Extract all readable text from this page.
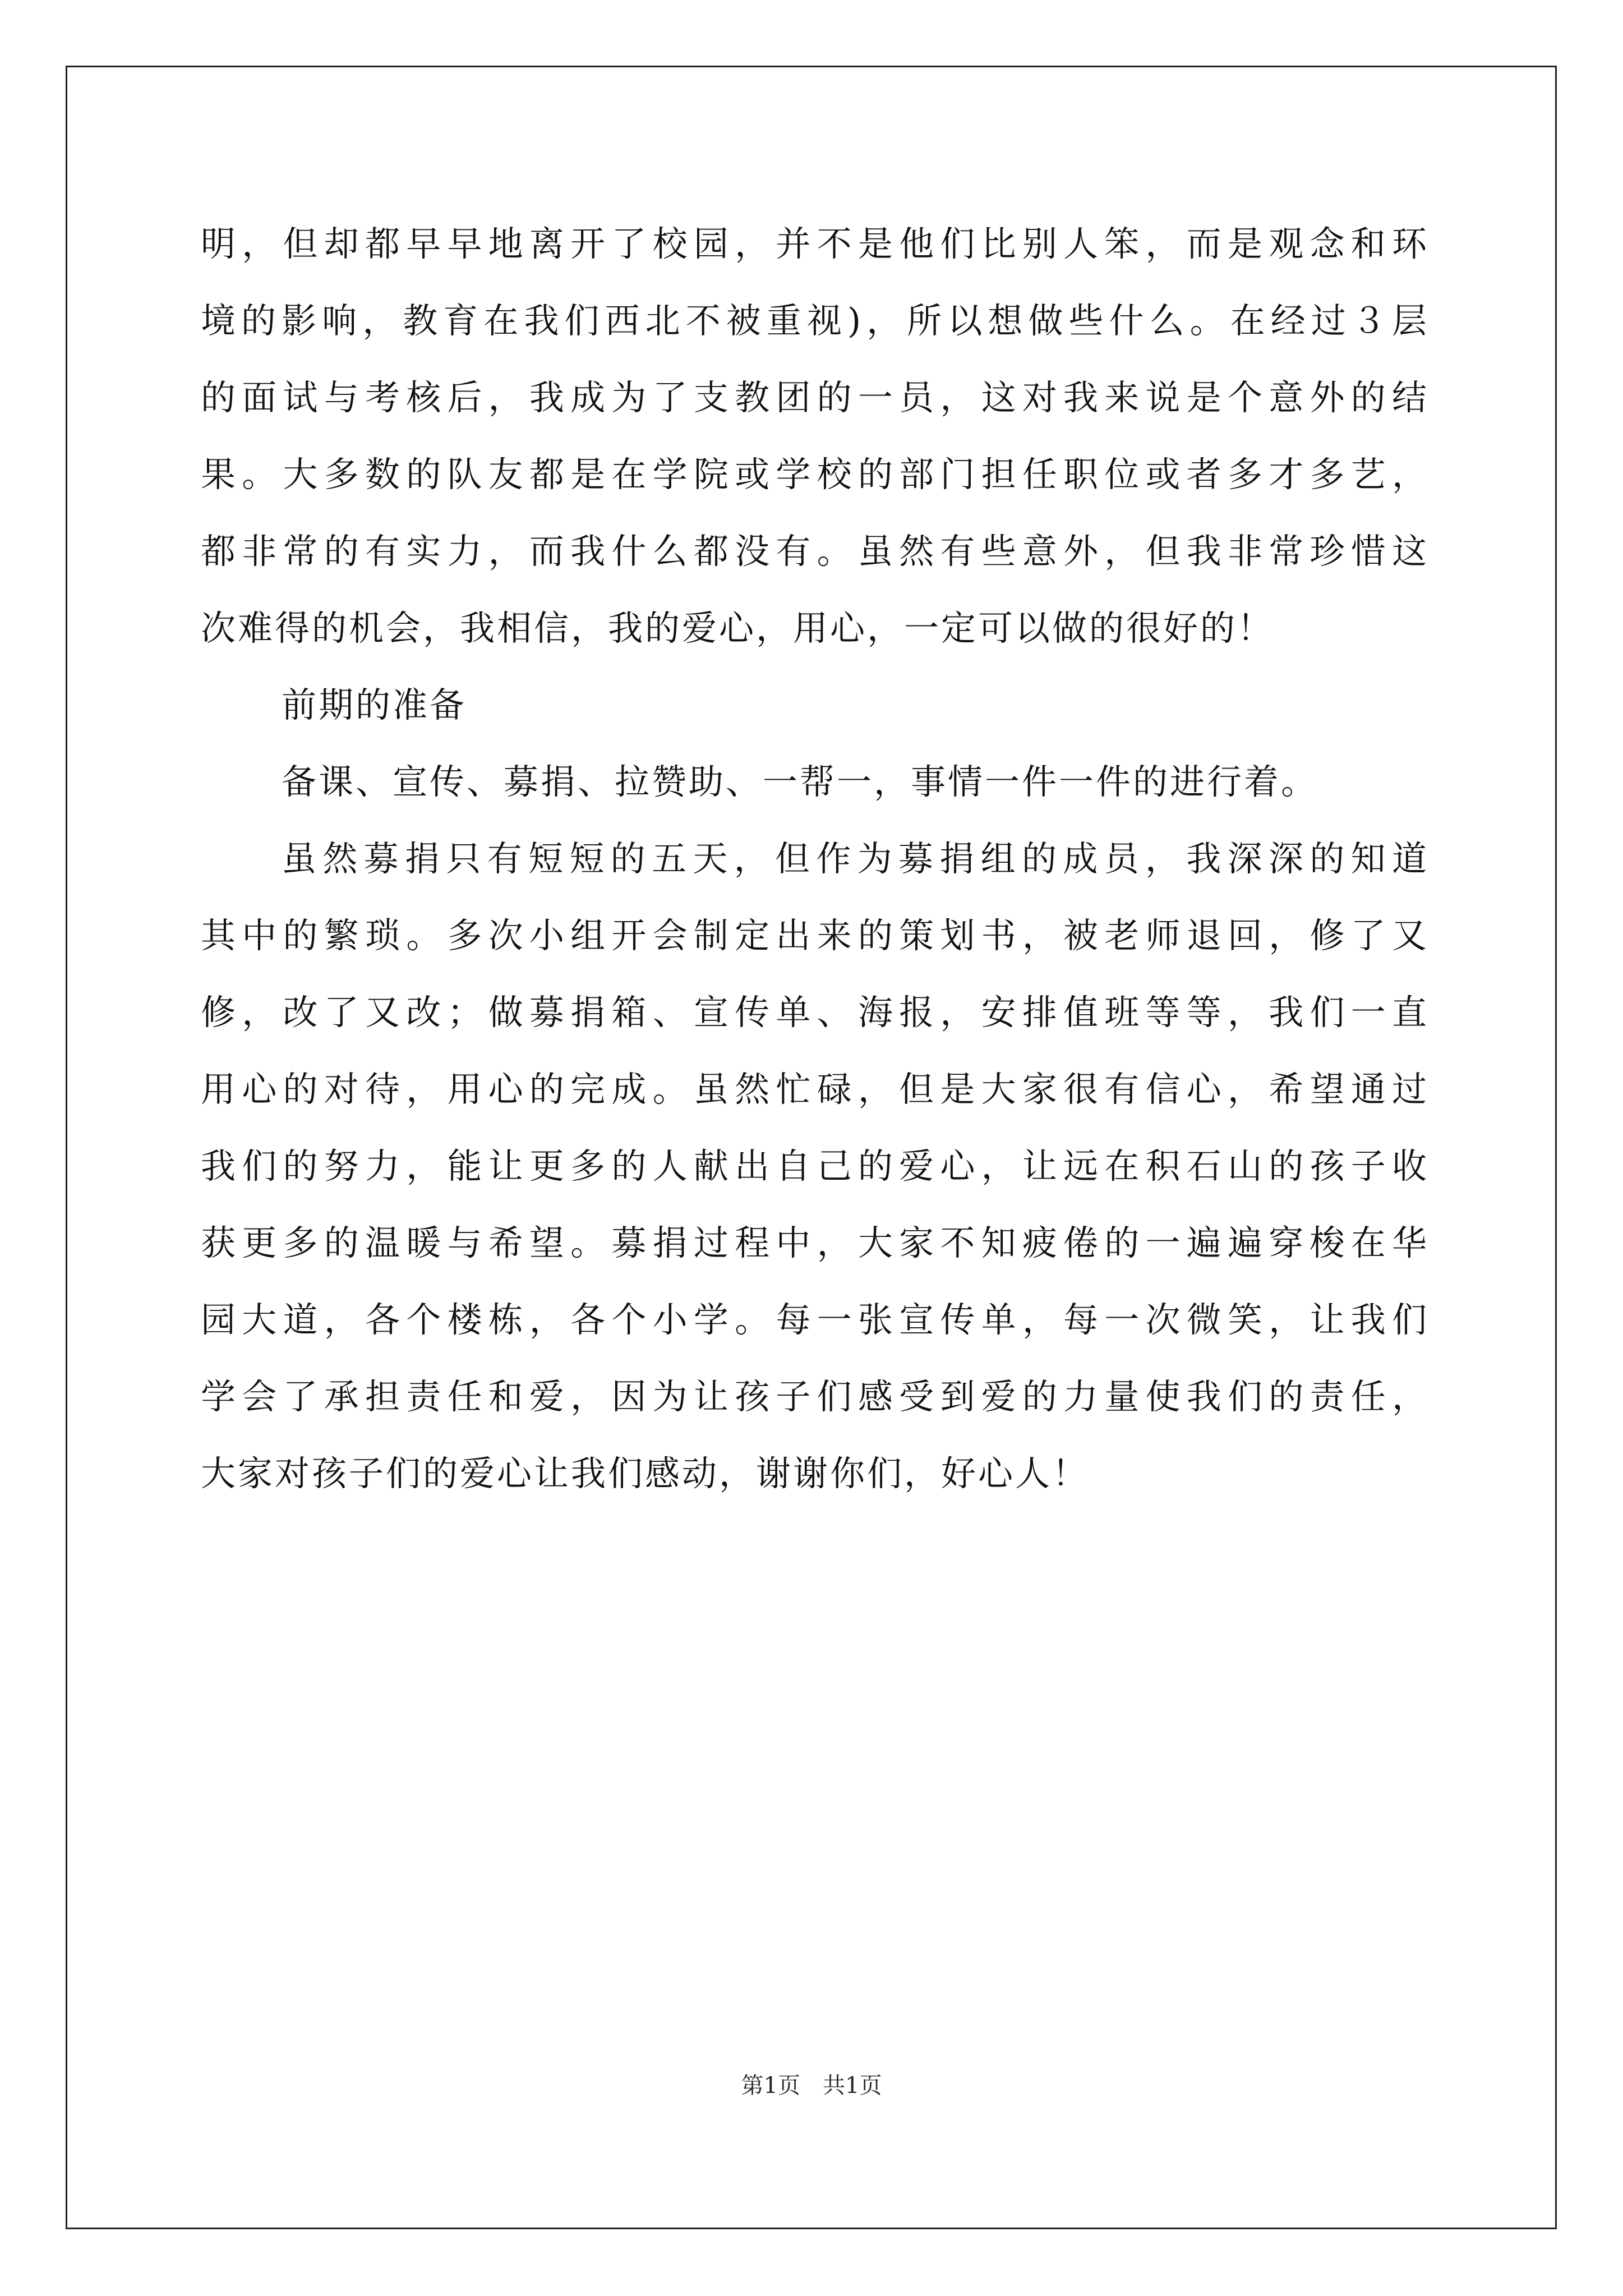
明，但却都早早地离开了校园，并不是他们比别人笨，而是观念和环
境的影响，教育在我们西北不被重视)，所以想做些什么。在经过３层
的面试与考核后，我成为了支教团的一员，这对我来说是个意外的结
果。大多数的队友都是在学院或学校的部门担任职位或者多才多艺，
都非常的有实力，而我什么都没有。虽然有些意外，但我非常珍惜这
次难得的机会，我相信，我的爱心，用心，一定可以做的很好的！
前期的准备
备课、宣传、募捐、拉赞助、一帮一，事情一件一件的进行着。
虽然募捐只有短短的五天，但作为募捐组的成员，我深深的知道
其中的繁琐。多次小组开会制定出来的策划书，被老师退回，修了又
修，改了又改；做募捐箱、宣传单、海报，安排值班等等，我们一直
用心的对待，用心的完成。虽然忙碌，但是大家很有信心，希望通过
我们的努力，能让更多的人献出自己的爱心，让远在积石山的孩子收
获更多的温暖与希望。募捐过程中，大家不知疲倦的一遍遍穿梭在华
园大道，各个楼栋，各个小学。每一张宣传单，每一次微笑，让我们
学会了承担责任和爱，因为让孩子们感受到爱的力量使我们的责任，
大家对孩子们的爱心让我们感动，谢谢你们，好心人！
第1页　共1页
